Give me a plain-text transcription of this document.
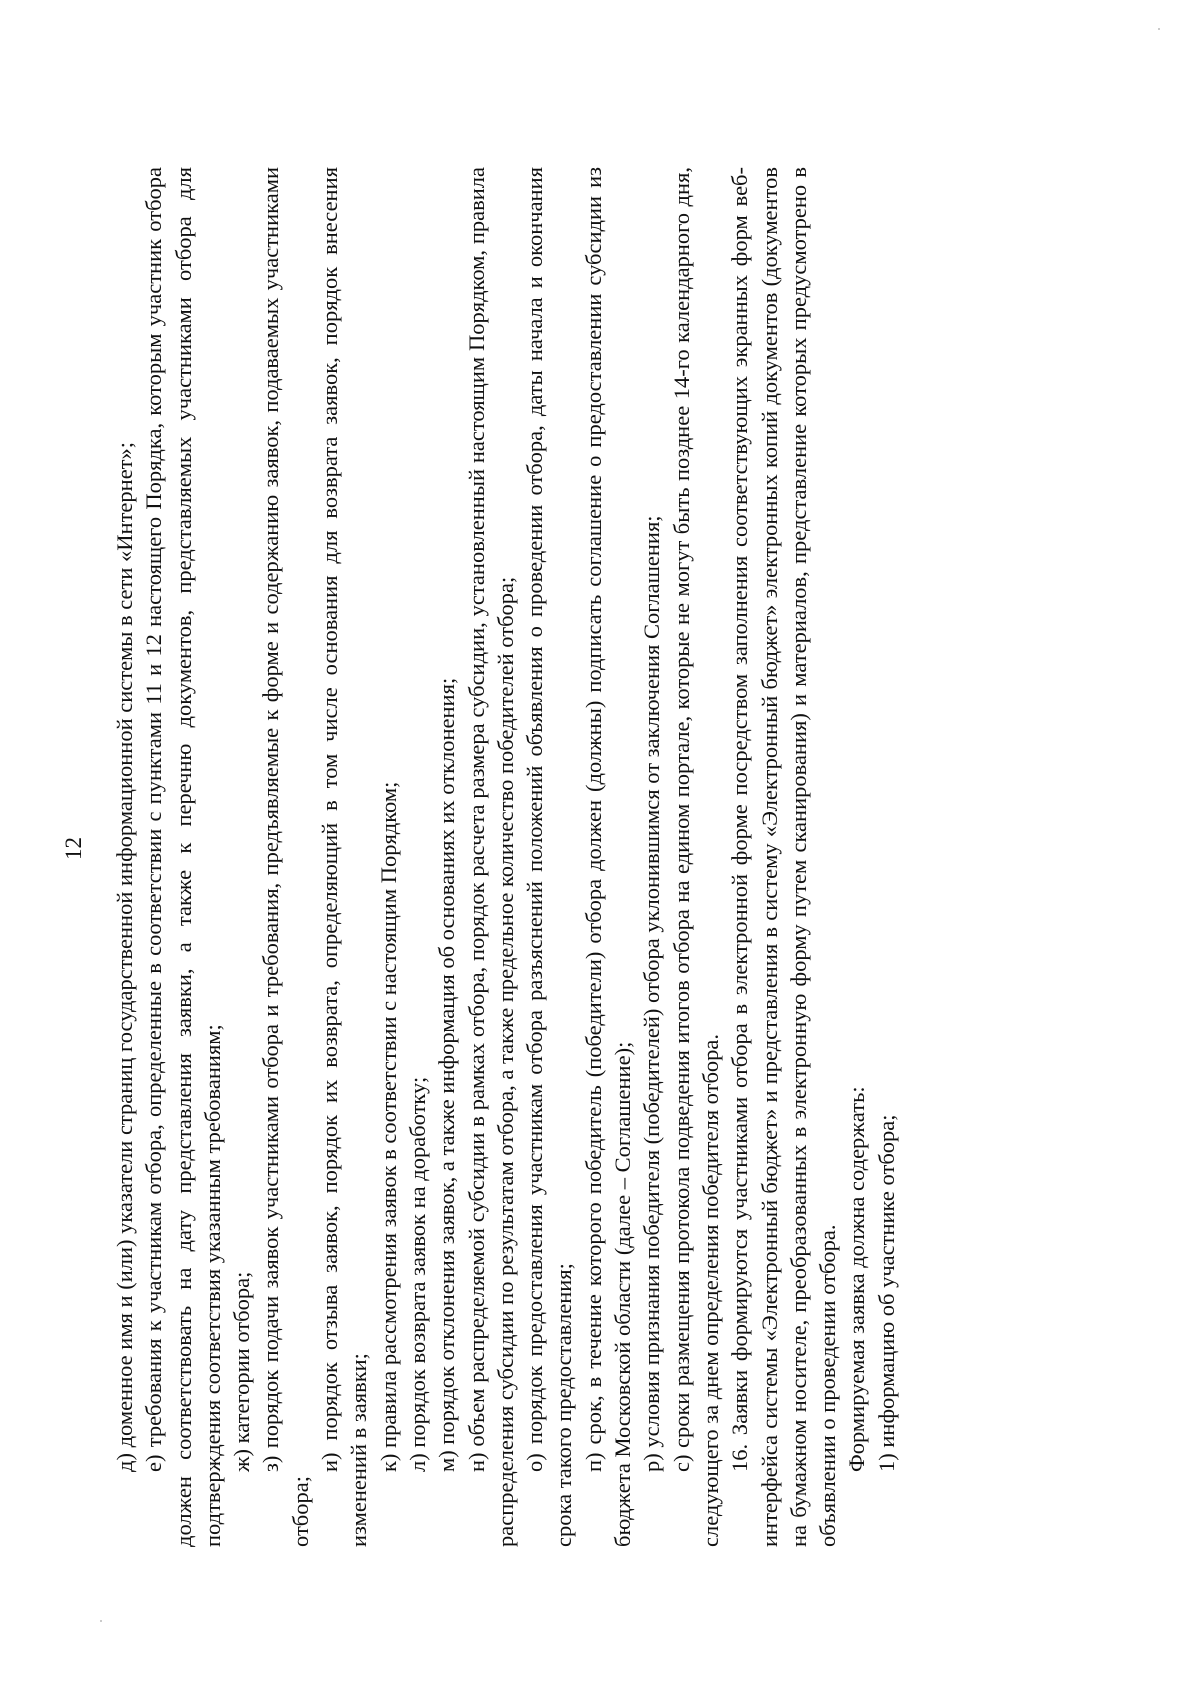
12 д) доменное имя и (или) указатели страниц государственной информационной системы в сети «Интернет»; е) требования к участникам отбора, определенные в соответствии с пунктами 11 и 12 настоящего Порядка, которым участник отбора должен соответствовать на дату представления заявки, а также к перечню документов, представляемых участниками отбора для подтверждения соответствия указанным требованиям; ж) категории отбора; з) порядок подачи заявок участниками отбора и требования, предъявляемые к форме и содержанию заявок, подаваемых участниками отбора;

и) порядок отзыва заявок, порядок их возврата, определяющий в том числе основания для возврата заявок, порядок внесения изменений в заявки; к) правила рассмотрения заявок в соответствии с настоящим Порядком; л) порядок возврата заявок на доработку; м) порядок отклонения заявок, а также информация об основаниях их отклонения; н) объем распределяемой субсидии в рамках отбора, порядок расчета размера субсидии, установленный настоящим Порядком, правила распределения субсидии по результатам отбора, а также предельное количество победителей отбора; о) порядок предоставления участникам отбора разъяснений положений объявления о проведении отбора, даты начала и окончания срока такого предоставления; п) срок, в течение которого победитель (победители) отбора должен (должны) подписать соглашение о предоставлении субсидии из бюджета Московской области (далее – Соглашение); р) условия признания победителя (победителей) отбора уклонившимся от заключения Соглашения; с) сроки размещения протокола подведения итогов отбора на едином портале, которые не могут быть позднее 14-го календарного дня, следующего за днем определения победителя отбора. 16. Заявки формируются участниками отбора в электронной форме посредством заполнения соответствующих экранных форм веб-интерфейса системы «Электронный бюджет» и представления в систему «Электронный бюджет» электронных копий документов (документов на бумажном носителе, преобразованных в электронную форму путем сканирования) и материалов, представление которых предусмотрено в объявлении о проведении отбора. Формируемая заявка должна содержать: 1) информацию об участнике отбора;
